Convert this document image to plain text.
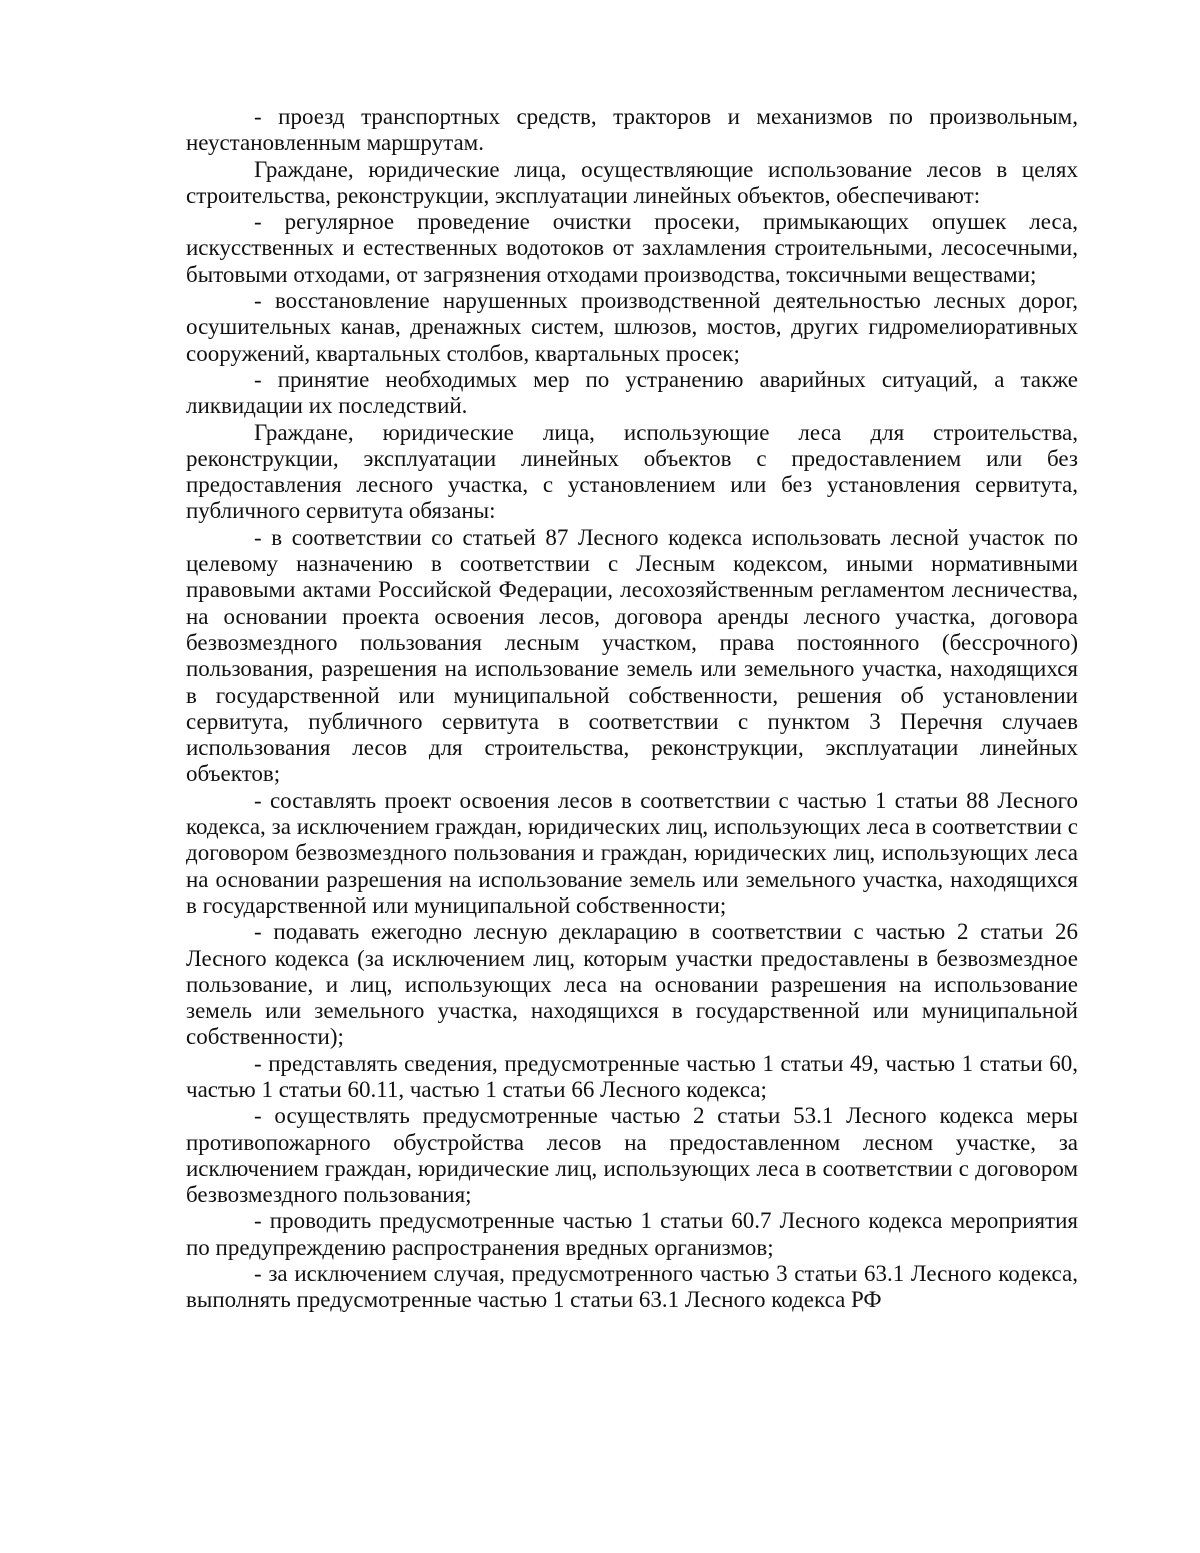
- проезд транспортных средств, тракторов и механизмов по произвольным, неустановленным маршрутам.

Граждане, юридические лица, осуществляющие использование лесов в целях строительства, реконструкции, эксплуатации линейных объектов, обеспечивают:

- регулярное проведение очистки просеки, примыкающих опушек леса, искусственных и естественных водотоков от захламления строительными, лесосечными, бытовыми отходами, от загрязнения отходами производства, токсичными веществами;

- восстановление нарушенных производственной деятельностью лесных дорог, осушительных канав, дренажных систем, шлюзов, мостов, других гидромелиоративных сооружений, квартальных столбов, квартальных просек;

- принятие необходимых мер по устранению аварийных ситуаций, а также ликвидации их последствий.

Граждане, юридические лица, использующие леса для строительства, реконструкции, эксплуатации линейных объектов с предоставлением или без предоставления лесного участка, с установлением или без установления сервитута, публичного сервитута обязаны:

- в соответствии со статьей 87 Лесного кодекса использовать лесной участок по целевому назначению в соответствии с Лесным кодексом, иными нормативными правовыми актами Российской Федерации, лесохозяйственным регламентом лесничества, на основании проекта освоения лесов, договора аренды лесного участка, договора безвозмездного пользования лесным участком, права постоянного (бессрочного) пользования, разрешения на использование земель или земельного участка, находящихся в государственной или муниципальной собственности, решения об установлении сервитута, публичного сервитута в соответствии с пунктом 3 Перечня случаев использования лесов для строительства, реконструкции, эксплуатации линейных объектов;

- составлять проект освоения лесов в соответствии с частью 1 статьи 88 Лесного кодекса, за исключением граждан, юридических лиц, использующих леса в соответствии с договором безвозмездного пользования и граждан, юридических лиц, использующих леса на основании разрешения на использование земель или земельного участка, находящихся в государственной или муниципальной собственности;

- подавать ежегодно лесную декларацию в соответствии с частью 2 статьи 26 Лесного кодекса (за исключением лиц, которым участки предоставлены в безвозмездное пользование, и лиц, использующих леса на основании разрешения на использование земель или земельного участка, находящихся в государственной или муниципальной собственности);

- представлять сведения, предусмотренные частью 1 статьи 49, частью 1 статьи 60, частью 1 статьи 60.11, частью 1 статьи 66 Лесного кодекса;

- осуществлять предусмотренные частью 2 статьи 53.1 Лесного кодекса меры противопожарного обустройства лесов на предоставленном лесном участке, за исключением граждан, юридические лиц, использующих леса в соответствии с договором безвозмездного пользования;

- проводить предусмотренные частью 1 статьи 60.7 Лесного кодекса мероприятия по предупреждению распространения вредных организмов;

- за исключением случая, предусмотренного частью 3 статьи 63.1 Лесного кодекса, выполнять предусмотренные частью 1 статьи 63.1 Лесного кодекса РФ
